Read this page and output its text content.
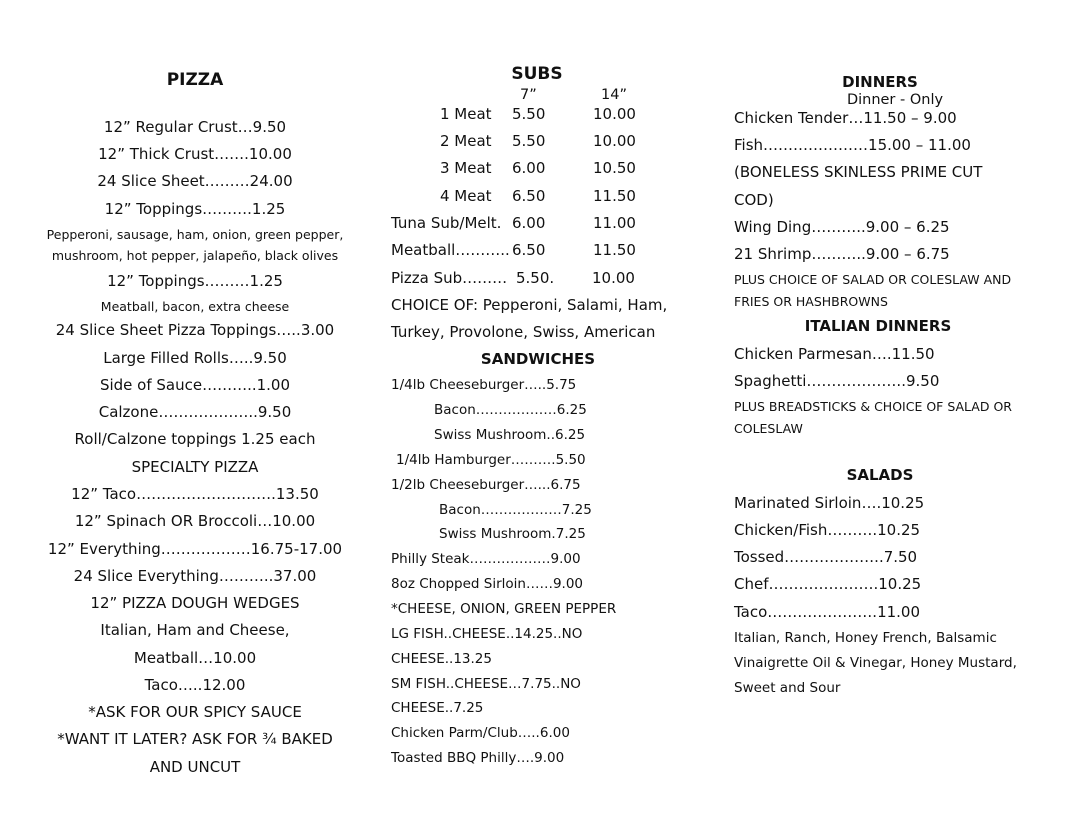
PIZZA
12” Regular Crust…9.50
12” Thick Crust…….10.00
24 Slice Sheet………24.00
12” Toppings……….1.25
Pepperoni, sausage, ham, onion, green pepper,
mushroom, hot pepper, jalapeño, black olives
12” Toppings………1.25
Meatball, bacon, extra cheese
24 Slice Sheet Pizza Toppings…..3.00
Large Filled Rolls…..9.50
Side of Sauce………..1.00
Calzone………………..9.50
Roll/Calzone toppings 1.25 each
SPECIALTY PIZZA
12” Taco……………………….13.50
12” Spinach OR Broccoli…10.00
12” Everything………………16.75-17.00
24 Slice Everything………..37.00
12” PIZZA DOUGH WEDGES
Italian, Ham and Cheese,
Meatball…10.00
Taco…..12.00
*ASK FOR OUR SPICY SAUCE
*WANT IT LATER? ASK FOR ¾ BAKED
AND UNCUT
SUBS
7”	14”
1 Meat 5.50	10.00
2 Meat 5.50	10.00
3 Meat 6.00	10.50
4 Meat 6.50	11.50
Tuna Sub/Melt. 6.00	11.00
Meatball……….. 6.50	11.50
Pizza Sub……… 5.50.	10.00
CHOICE OF: Pepperoni, Salami, Ham,
Turkey, Provolone, Swiss, American
SANDWICHES
1/4lb Cheeseburger…..5.75
Bacon………………6.25
Swiss Mushroom..6.25
1/4lb Hamburger……….5.50
1/2lb Cheeseburger…...6.75
Bacon………………7.25
Swiss Mushroom.7.25
Philly Steak………………9.00
8oz Chopped Sirloin……9.00
*CHEESE, ONION, GREEN PEPPER
LG FISH..CHEESE..14.25..NO
CHEESE..13.25
SM FISH..CHEESE…7.75..NO
CHEESE..7.25
Chicken Parm/Club…..6.00
Toasted BBQ Philly….9.00
DINNERS
Dinner - Only
Chicken Tender…11.50 – 9.00
Fish…………………15.00 – 11.00
(BONELESS SKINLESS PRIME CUT
COD)
Wing Ding………..9.00 – 6.25
21 Shrimp………..9.00 – 6.75
PLUS CHOICE OF SALAD OR COLESLAW AND
FRIES OR HASHBROWNS
ITALIAN DINNERS
Chicken Parmesan….11.50
Spaghetti………………..9.50
PLUS BREADSTICKS & CHOICE OF SALAD OR
COLESLAW
SALADS
Marinated Sirloin….10.25
Chicken/Fish……….10.25
Tossed………………..7.50
Chef………………….10.25
Taco………………….11.00
Italian, Ranch, Honey French, Balsamic
Vinaigrette Oil & Vinegar, Honey Mustard,
Sweet and Sour
